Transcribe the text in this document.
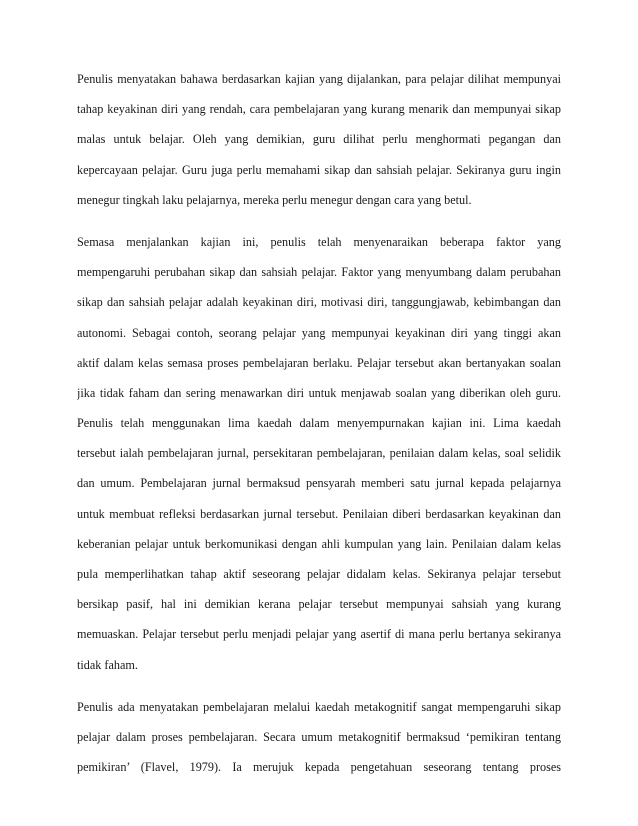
Penulis menyatakan bahawa berdasarkan kajian yang dijalankan, para pelajar dilihat mempunyai
tahap keyakinan diri yang rendah, cara pembelajaran yang kurang menarik dan mempunyai sikap
malas untuk belajar. Oleh yang demikian, guru dilihat perlu menghormati pegangan dan
kepercayaan pelajar. Guru juga perlu memahami sikap dan sahsiah pelajar. Sekiranya guru ingin
menegur tingkah laku pelajarnya, mereka perlu menegur dengan cara yang betul.
Semasa menjalankan kajian ini, penulis telah menyenaraikan beberapa faktor yang
mempengaruhi perubahan sikap dan sahsiah pelajar. Faktor yang menyumbang dalam perubahan
sikap dan sahsiah pelajar adalah keyakinan diri, motivasi diri, tanggungjawab, kebimbangan dan
autonomi. Sebagai contoh, seorang pelajar yang mempunyai keyakinan diri yang tinggi akan
aktif dalam kelas semasa proses pembelajaran berlaku. Pelajar tersebut akan bertanyakan soalan
jika tidak faham dan sering menawarkan diri untuk menjawab soalan yang diberikan oleh guru.
Penulis telah menggunakan lima kaedah dalam menyempurnakan kajian ini. Lima kaedah
tersebut ialah pembelajaran jurnal, persekitaran pembelajaran, penilaian dalam kelas, soal selidik
dan umum. Pembelajaran jurnal bermaksud pensyarah memberi satu jurnal kepada pelajarnya
untuk membuat refleksi berdasarkan jurnal tersebut. Penilaian diberi berdasarkan keyakinan dan
keberanian pelajar untuk berkomunikasi dengan ahli kumpulan yang lain. Penilaian dalam kelas
pula memperlihatkan tahap aktif seseorang pelajar didalam kelas. Sekiranya pelajar tersebut
bersikap pasif, hal ini demikian kerana pelajar tersebut mempunyai sahsiah yang kurang
memuaskan. Pelajar tersebut perlu menjadi pelajar yang asertif di mana perlu bertanya sekiranya
tidak faham.
Penulis ada menyatakan pembelajaran melalui kaedah metakognitif sangat mempengaruhi sikap
pelajar dalam proses pembelajaran. Secara umum metakognitif bermaksud ‘pemikiran tentang
pemikiran’ (Flavel, 1979). Ia merujuk kepada pengetahuan seseorang tentang proses
